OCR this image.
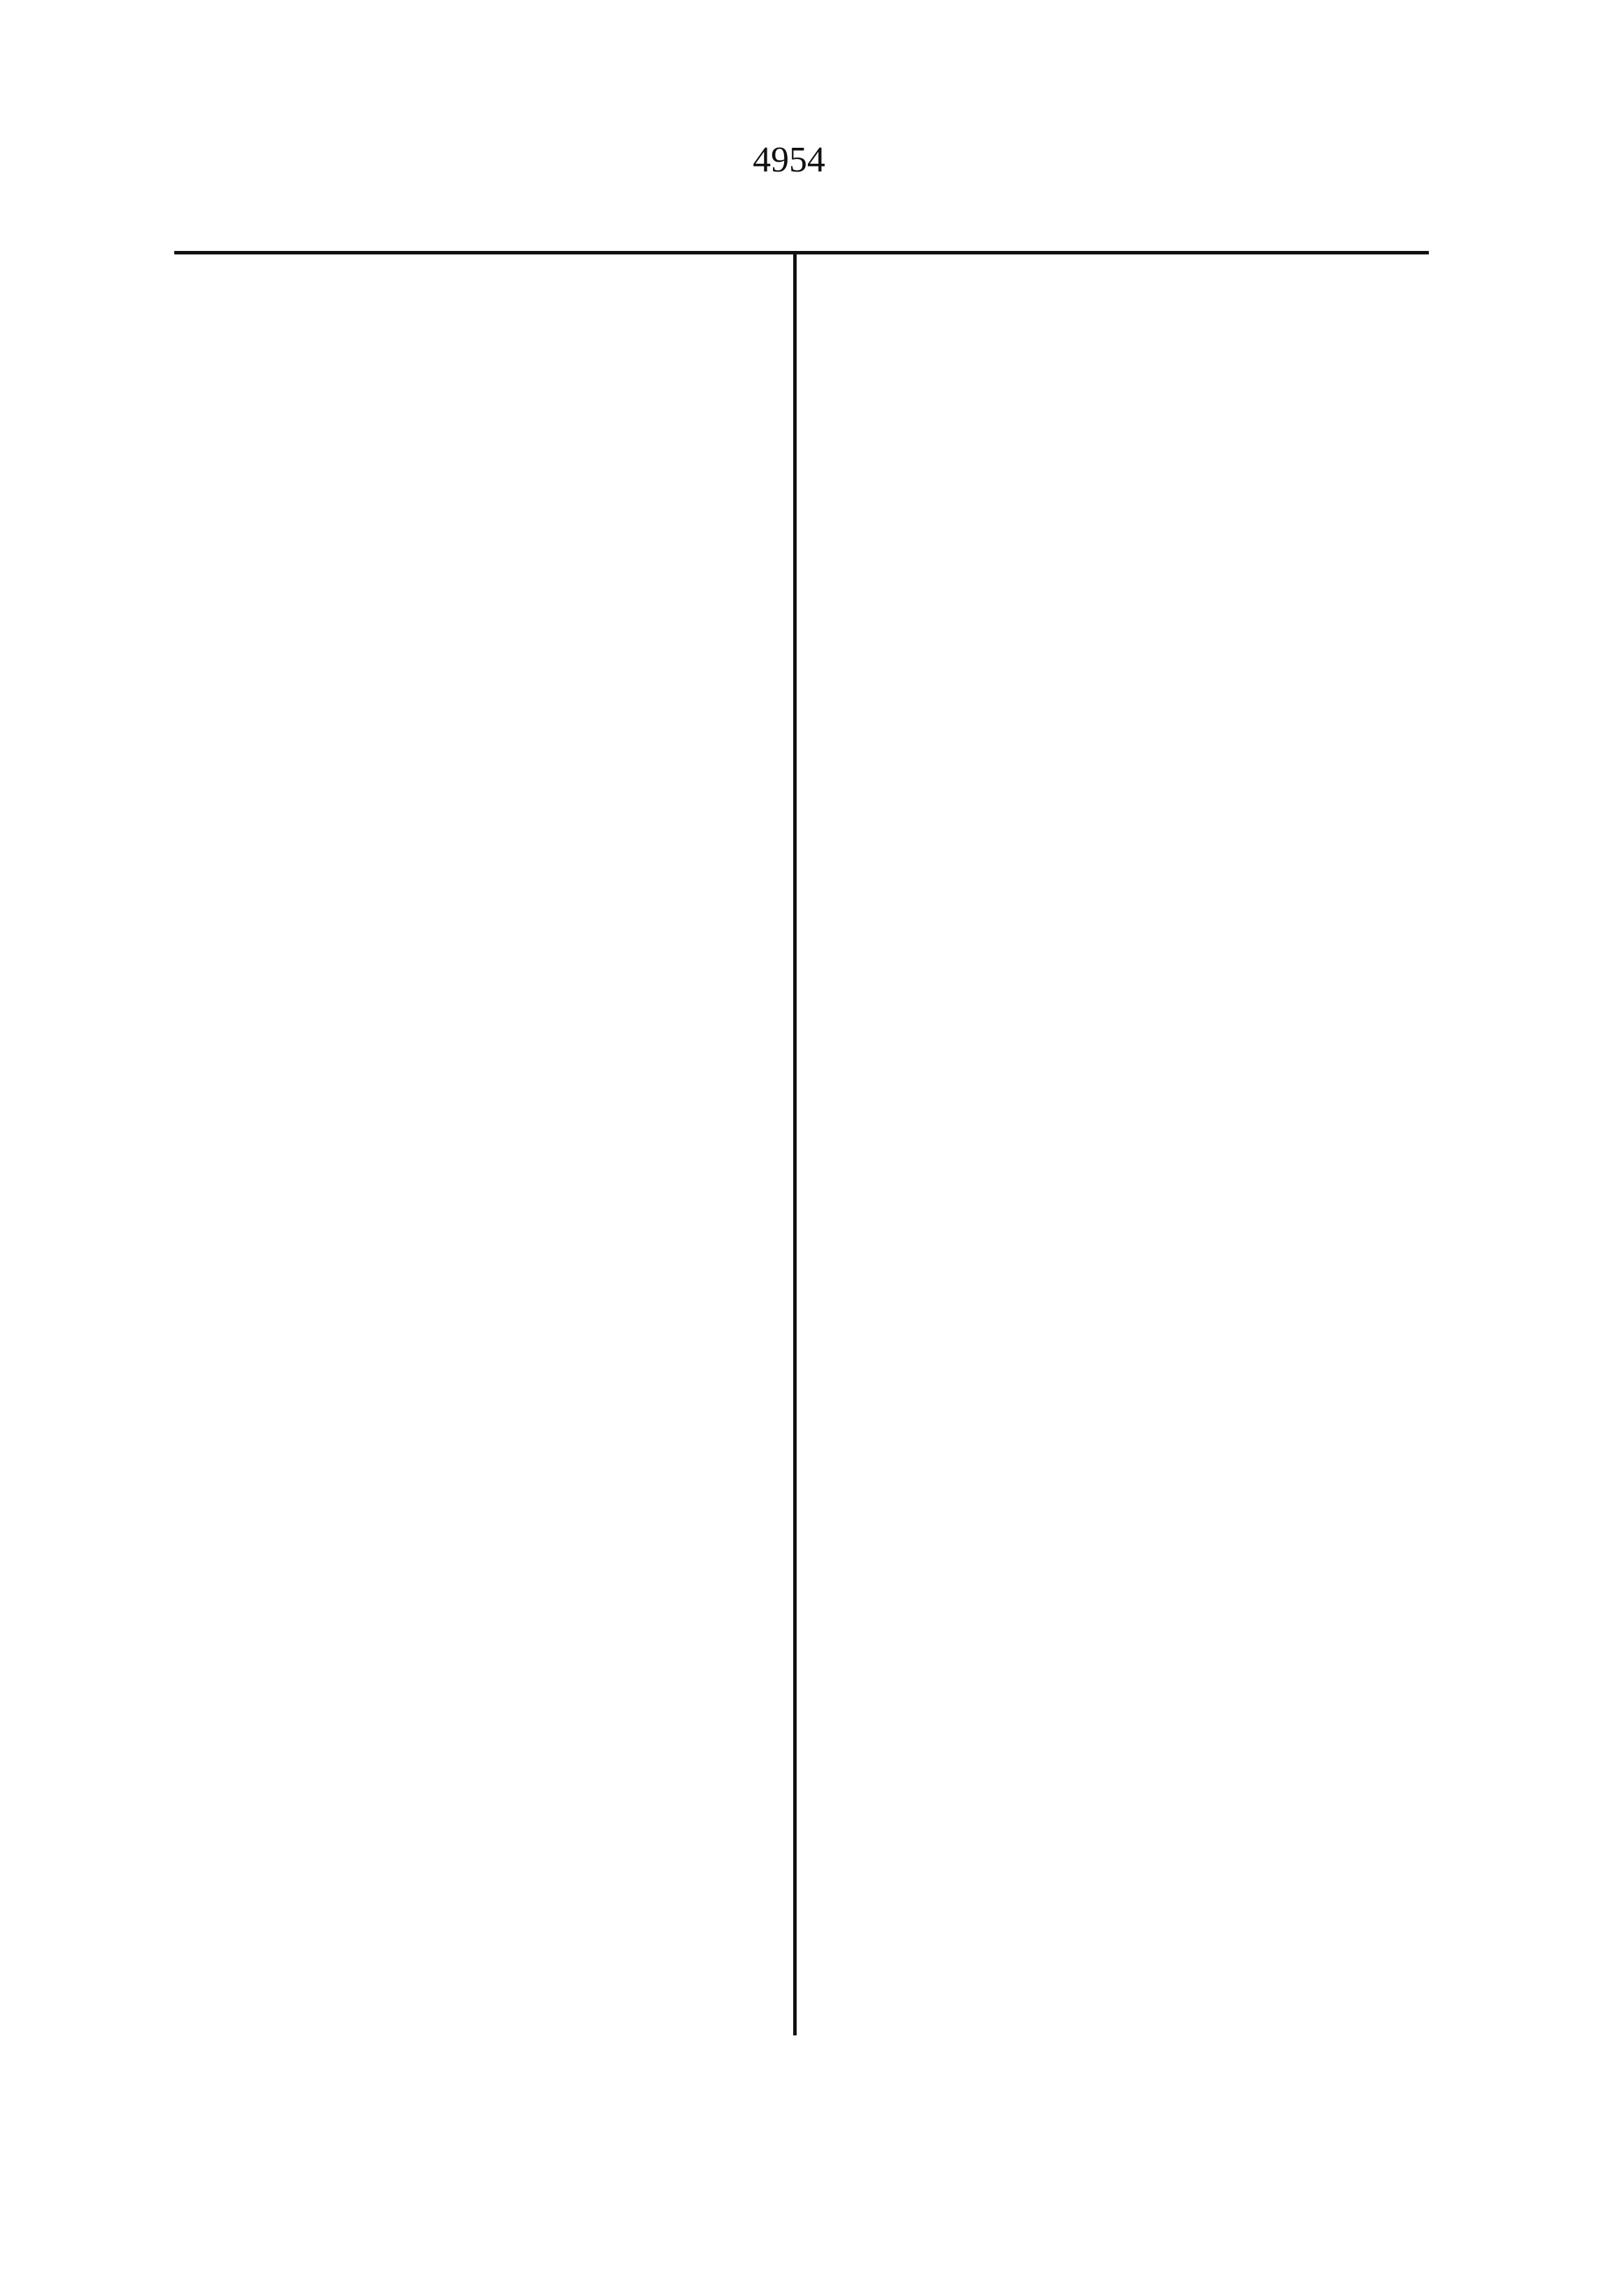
4954
